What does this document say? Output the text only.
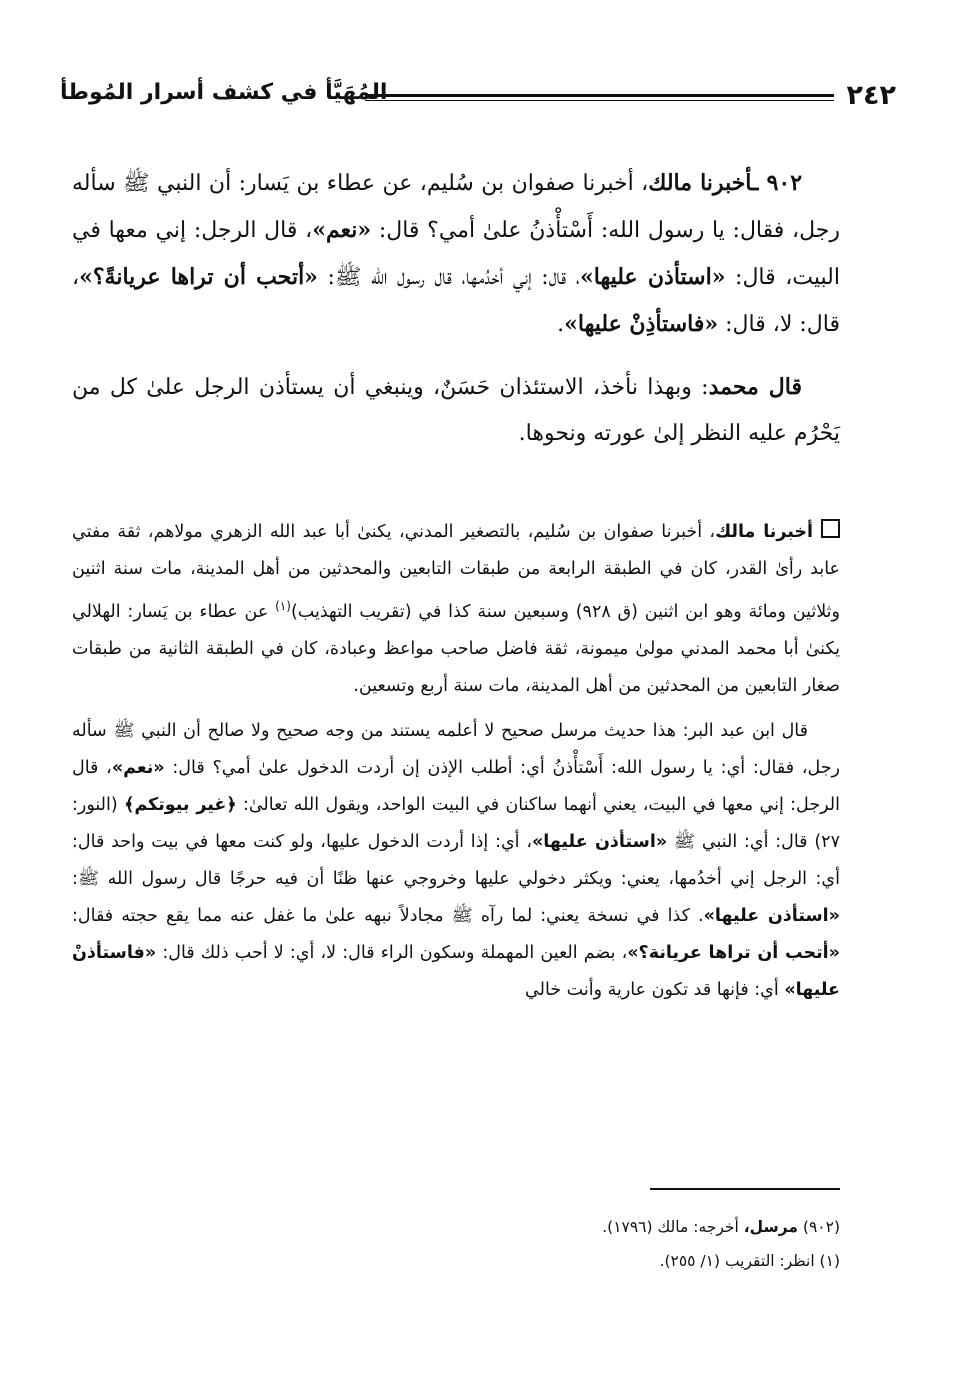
٢٤٢
المُهَيَّأ في كشف أسرار المُوطأ

٩٠٢ ـأخبرنا مالك، أخبرنا صفوان بن سُليم، عن عطاء بن يَسار: أن النبي ﷺ سأله رجل، فقال: يا رسول الله: أَسْتأْذنُ علىٰ أمي؟ قال: «نعم»، قال الرجل: إني معها في البيت، قال: «استأذن عليها»، قال: إني أخدُمها، قال رسول الله ﷺ: «أتحب أن تراها عريانةً؟»، قال: لا، قال: «فاستأذِنْ عليها».

قال محمد: وبهذا نأخذ، الاستئذان حَسَنٌ، وينبغي أن يستأذن الرجل علىٰ كل من يَحْرُم عليه النظر إلىٰ عورته ونحوها.

أخبرنا مالك، أخبرنا صفوان بن سُليم، بالتصغير المدني، يكنىٰ أبا عبد الله الزهري مولاهم، ثقة مفتي عابد رأىٰ القدر، كان في الطبقة الرابعة من طبقات التابعين والمحدثين من أهل المدينة، مات سنة اثنين وثلاثين ومائة وهو ابن اثنين (ق ٩٢٨) وسبعين سنة كذا في (تقريب التهذيب)$^{(١)}$ عن عطاء بن يَسار: الهلالي يكنىٰ أبا محمد المدني مولىٰ ميمونة، ثقة فاضل صاحب مواعظ وعبادة، كان في الطبقة الثانية من طبقات صغار التابعين من المحدثين من أهل المدينة، مات سنة أربع وتسعين.

قال ابن عبد البر: هذا حديث مرسل صحيح لا أعلمه يستند من وجه صحيح ولا صالح أن النبي ﷺ سأله رجل، فقال: أي: يا رسول الله: أَسْتأْذنُ أي: أطلب الإذن إن أردت الدخول علىٰ أمي؟ قال: «نعم»، قال الرجل: إني معها في البيت، يعني أنهما ساكنان في البيت الواحد، ويقول الله تعالىٰ: ﴿غير بيوتكم﴾ (النور: ٢٧) قال: أي: النبي ﷺ «استأذن عليها»، أي: إذا أردت الدخول عليها، ولو كنت معها في بيت واحد قال: أي: الرجل إني أخدُمها، يعني: ويكثر دخولي عليها وخروجي عنها ظنًا أن فيه حرجًا قال رسول الله ﷺ: «استأذن عليها». كذا في نسخة يعني: لما رآه ﷺ مجادلاً نبهه علىٰ ما غفل عنه مما يقع حجته فقال: «أتحب أن تراها عريانة؟»، بضم العين المهملة وسكون الراء قال: لا، أي: لا أحب ذلك قال: «فاستأذنْ عليها» أي: فإنها قد تكون عارية وأنت خالي

(٩٠٢) مرسل، أخرجه: مالك (١٧٩٦).

(١) انظر: التقريب (١/ ٢٥٥).
